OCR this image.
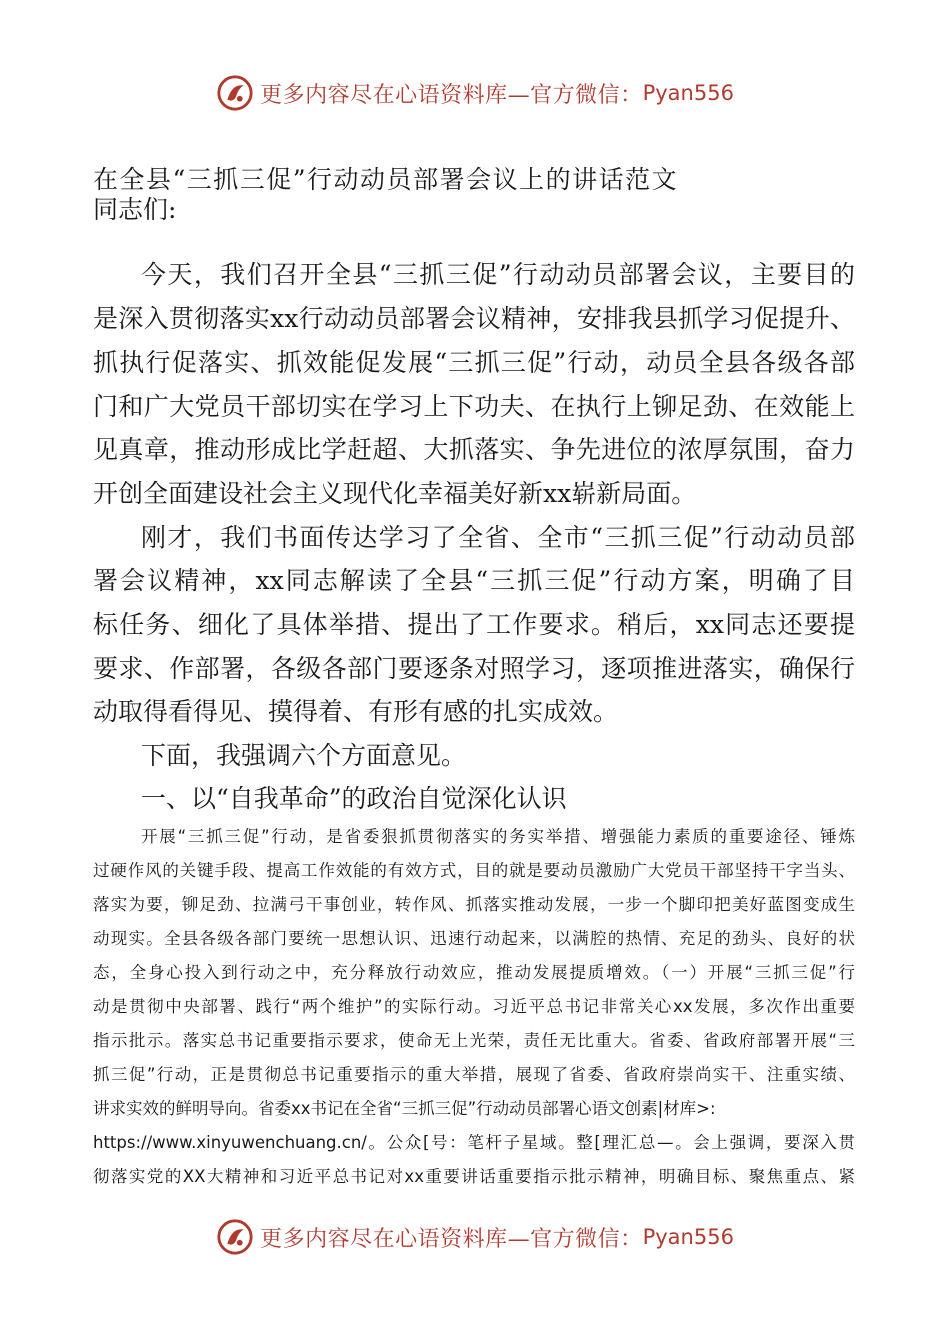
更多内容尽在心语资料库—官方微信： Pyan556
在全县“三抓三促”行动动员部署会议上的讲话范文
同志们:
今天，我们召开全县“三抓三促”行动动员部署会议，主要目的
是深入贯彻落实xx行动动员部署会议精神，安排我县抓学习促提升、
抓执行促落实、抓效能促发展“三抓三促”行动，动员全县各级各部
门和广大党员干部切实在学习上下功夫、在执行上铆足劲、在效能上
见真章，推动形成比学赶超、大抓落实、争先进位的浓厚氛围，奋力
开创全面建设社会主义现代化幸福美好新xx崭新局面。
刚才，我们书面传达学习了全省、全市“三抓三促”行动动员部
署会议精神，xx同志解读了全县“三抓三促”行动方案，明确了目
标任务、细化了具体举措、提出了工作要求。稍后，xx同志还要提
要求、作部署，各级各部门要逐条对照学习，逐项推进落实，确保行
动取得看得见、摸得着、有形有感的扎实成效。
下面，我强调六个方面意见。
一、以“自我革命”的政治自觉深化认识
开展“三抓三促”行动，是省委狠抓贯彻落实的务实举措、增强能力素质的重要途径、锤炼
过硬作风的关键手段、提高工作效能的有效方式，目的就是要动员激励广大党员干部坚持干字当头、
落实为要，铆足劲、拉满弓干事创业，转作风、抓落实推动发展，一步一个脚印把美好蓝图变成生
动现实。全县各级各部门要统一思想认识、迅速行动起来，以满腔的热情、充足的劲头、良好的状
态，全身心投入到行动之中，充分释放行动效应，推动发展提质增效。（一）开展“三抓三促”行
动是贯彻中央部署、践行“两个维护”的实际行动。习近平总书记非常关心xx发展，多次作出重要
指示批示。落实总书记重要指示要求，使命无上光荣，责任无比重大。省委、省政府部署开展“三
抓三促”行动，正是贯彻总书记重要指示的重大举措，展现了省委、省政府崇尚实干、注重实绩、
讲求实效的鲜明导向。省委xx书记在全省“三抓三促”行动动员部署心语文创素|材库>:
https://www.xinyuwenchuang.cn/。公众[号：笔杆子星域。整[理汇总—。会上强调，要深入贯
彻落实党的XX大精神和习近平总书记对xx重要讲话重要指示批示精神，明确目标、聚焦重点、紧
更多内容尽在心语资料库—官方微信： Pyan556
